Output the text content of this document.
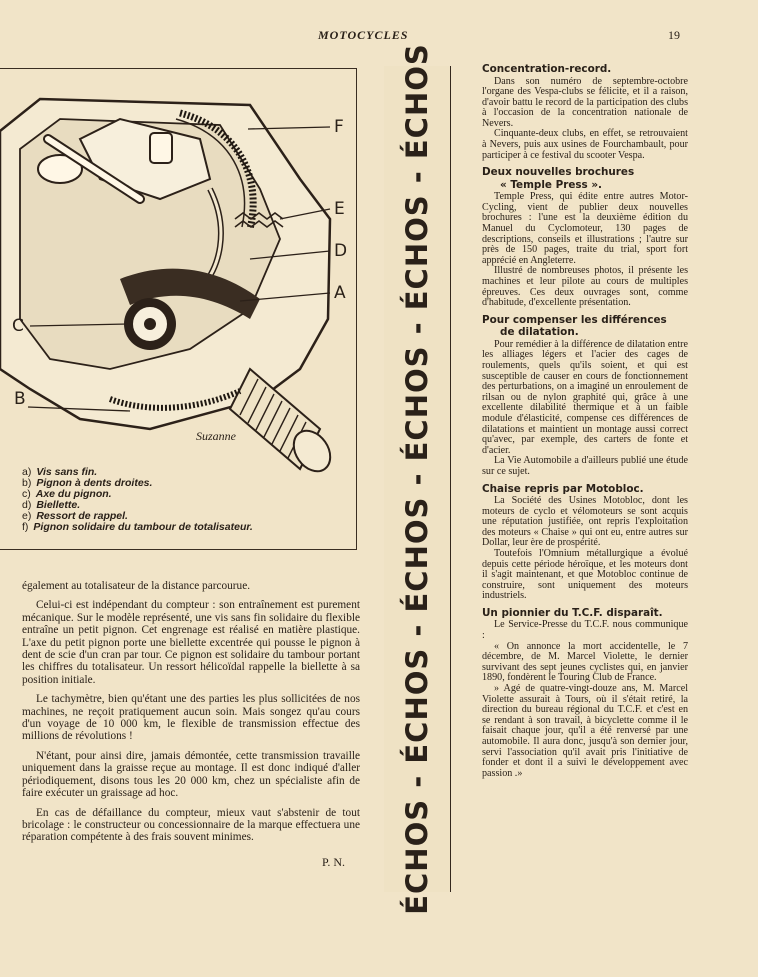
MOTOCYCLES	19
F
E
D
A
C
B
Suzanne
a) Vis sans fin.
b) Pignon à dents droites.
c) Axe du pignon.
d) Biellette.
e) Ressort de rappel.
f) Pignon solidaire du tambour de totalisateur.

également au totalisateur de la distance parcourue.

Celui-ci est indépendant du compteur : son entraînement est purement mécanique. Sur le modèle représenté, une vis sans fin solidaire du flexible entraîne un petit pignon. Cet engrenage est réalisé en matière plastique. L'axe du petit pignon porte une biellette excentrée qui pousse le pignon à dent de scie d'un cran par tour. Ce pignon est solidaire du tambour portant les chiffres du totalisateur. Un ressort hélicoïdal rappelle la biellette à sa position initiale.

Le tachymètre, bien qu'étant une des parties les plus sollicitées de nos machines, ne reçoit pratiquement aucun soin. Mais songez qu'au cours d'un voyage de 10 000 km, le flexible de transmission effectue des millions de révolutions !

N'étant, pour ainsi dire, jamais démontée, cette transmission travaille uniquement dans la graisse reçue au montage. Il est donc indiqué d'aller périodiquement, disons tous les 20 000 km, chez un spécialiste afin de faire exécuter un graissage ad hoc.

En cas de défaillance du compteur, mieux vaut s'abstenir de tout bricolage : le constructeur ou concessionnaire de la marque effectuera une réparation compétente à des frais souvent minimes.

P. N. ÉCHOS - ÉCHOS - ÉCHOS - ÉCHOS - ÉCHOS - ÉCHOS	Concentration-record.

Dans son numéro de septembre-octobre l'organe des Vespa-clubs se félicite, et il a raison, d'avoir battu le record de la participation des clubs à l'occasion de la concentration nationale de Nevers.

Cinquante-deux clubs, en effet, se retrouvaient à Nevers, puis aux usines de Fourchambault, pour participer à ce festival du scooter Vespa.

Deux nouvelles brochures
« Temple Press ».

Temple Press, qui édite entre autres Motor-Cycling, vient de publier deux nouvelles brochures : l'une est la deuxième édition du Manuel du Cyclomoteur, 130 pages de descriptions, conseils et illustrations ; l'autre sur près de 150 pages, traite du trial, sport fort apprécié en Angleterre.

Illustré de nombreuses photos, il présente les machines et leur pilote au cours de multiples épreuves. Ces deux ouvrages sont, comme d'habitude, d'excellente présentation.

Pour compenser les différences
de dilatation.

Pour remédier à la différence de dilatation entre les alliages légers et l'acier des cages de roulements, quels qu'ils soient, et qui est susceptible de causer en cours de fonctionnement des perturbations, on a imaginé un enroulement de rilsan ou de nylon graphité qui, grâce à une excellente dilabilité thermique et à un faible module d'élasticité, compense ces différences de dilatations et maintient un montage aussi correct qu'avec, par exemple, des carters de fonte et d'acier.

La Vie Automobile a d'ailleurs publié une étude sur ce sujet.

Chaise repris par Motobloc.

La Société des Usines Motobloc, dont les moteurs de cyclo et vélomoteurs se sont acquis une réputation justifiée, ont repris l'exploitation des moteurs « Chaise » qui ont eu, entre autres sur Dollar, leur ère de prospérité.

Toutefois l'Omnium métallurgique a évolué depuis cette période héroïque, et les moteurs dont il s'agit maintenant, et que Motobloc continue de construire, sont uniquement des moteurs industriels.

Un pionnier du T.C.F. disparaît.

Le Service-Presse du T.C.F. nous communique :

« On annonce la mort accidentelle, le 7 décembre, de M. Marcel Violette, le dernier survivant des sept jeunes cyclistes qui, en janvier 1890, fondèrent le Touring Club de France.

» Agé de quatre-vingt-douze ans, M. Marcel Violette assurait à Tours, où il s'était retiré, la direction du bureau régional du T.C.F. et c'est en se rendant à son travail, à bicyclette comme il le faisait chaque jour, qu'il a été renversé par une automobile. Il aura donc, jusqu'à son dernier jour, servi l'association qu'il avait pris l'initiative de fonder et dont il a suivi le développement avec passion .»
